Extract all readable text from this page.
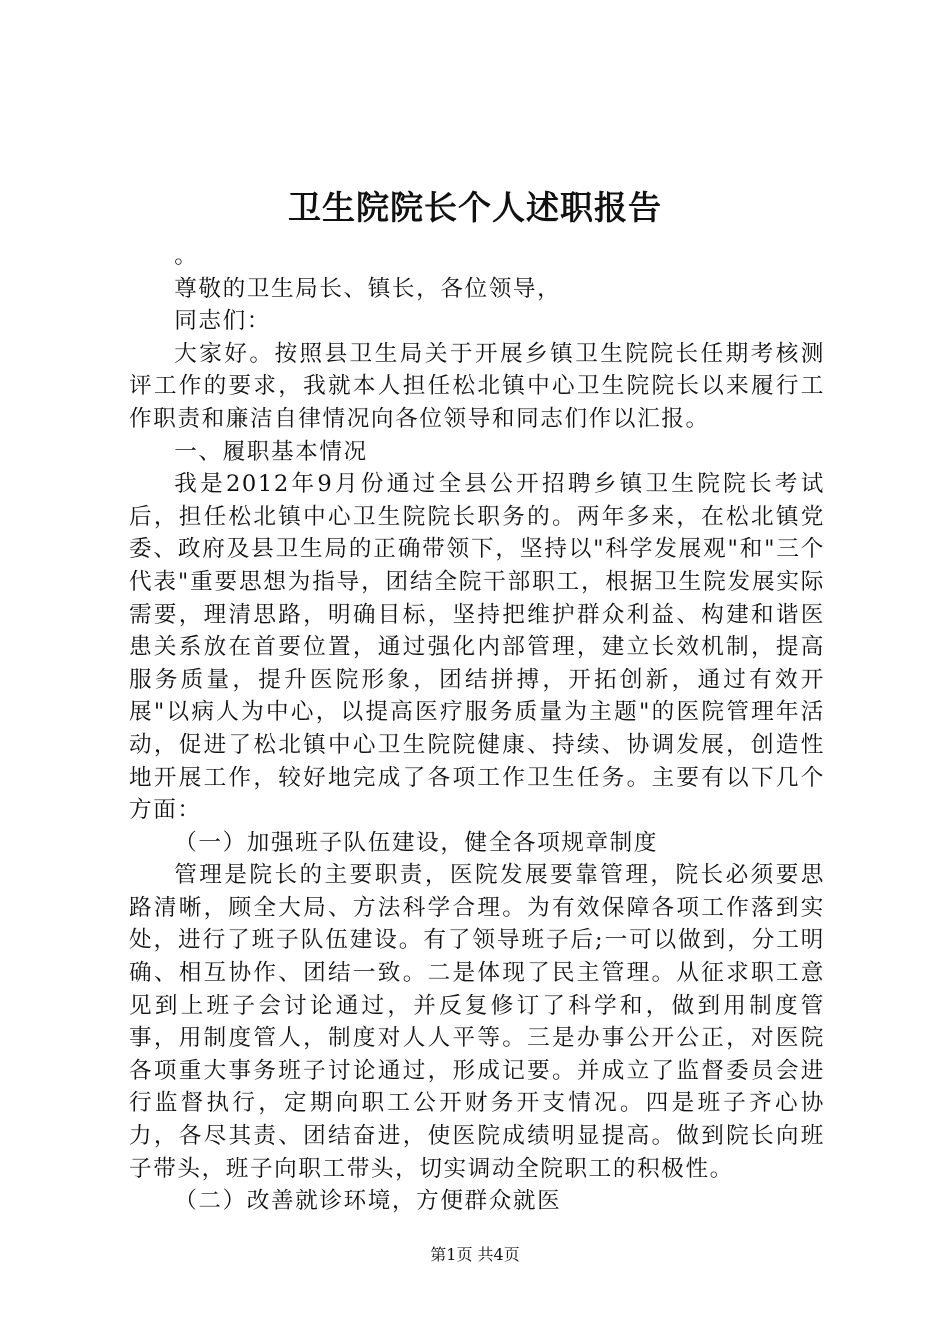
卫生院院长个人述职报告

。

尊敬的卫生局长、镇长，各位领导，

同志们：

大家好。按照县卫生局关于开展乡镇卫生院院长任期考核测评工作的要求，我就本人担任松北镇中心卫生院院长以来履行工作职责和廉洁自律情况向各位领导和同志们作以汇报。

一、履职基本情况

我是2012年9月份通过全县公开招聘乡镇卫生院院长考试后，担任松北镇中心卫生院院长职务的。两年多来，在松北镇党委、政府及县卫生局的正确带领下，坚持以"科学发展观"和"三个代表"重要思想为指导，团结全院干部职工，根据卫生院发展实际需要，理清思路，明确目标，坚持把维护群众利益、构建和谐医患关系放在首要位置，通过强化内部管理，建立长效机制，提高服务质量，提升医院形象，团结拼搏，开拓创新，通过有效开展"以病人为中心，以提高医疗服务质量为主题"的医院管理年活动，促进了松北镇中心卫生院院健康、持续、协调发展，创造性地开展工作，较好地完成了各项工作卫生任务。主要有以下几个方面：

（一）加强班子队伍建设，健全各项规章制度

管理是院长的主要职责，医院发展要靠管理，院长必须要思路清晰，顾全大局、方法科学合理。为有效保障各项工作落到实处，进行了班子队伍建设。有了领导班子后;一可以做到，分工明确、相互协作、团结一致。二是体现了民主管理。从征求职工意见到上班子会讨论通过，并反复修订了科学和，做到用制度管事，用制度管人，制度对人人平等。三是办事公开公正，对医院各项重大事务班子讨论通过，形成记要。并成立了监督委员会进行监督执行，定期向职工公开财务开支情况。四是班子齐心协力，各尽其责、团结奋进，使医院成绩明显提高。做到院长向班子带头，班子向职工带头，切实调动全院职工的积极性。

（二）改善就诊环境，方便群众就医

第1页 共4页
